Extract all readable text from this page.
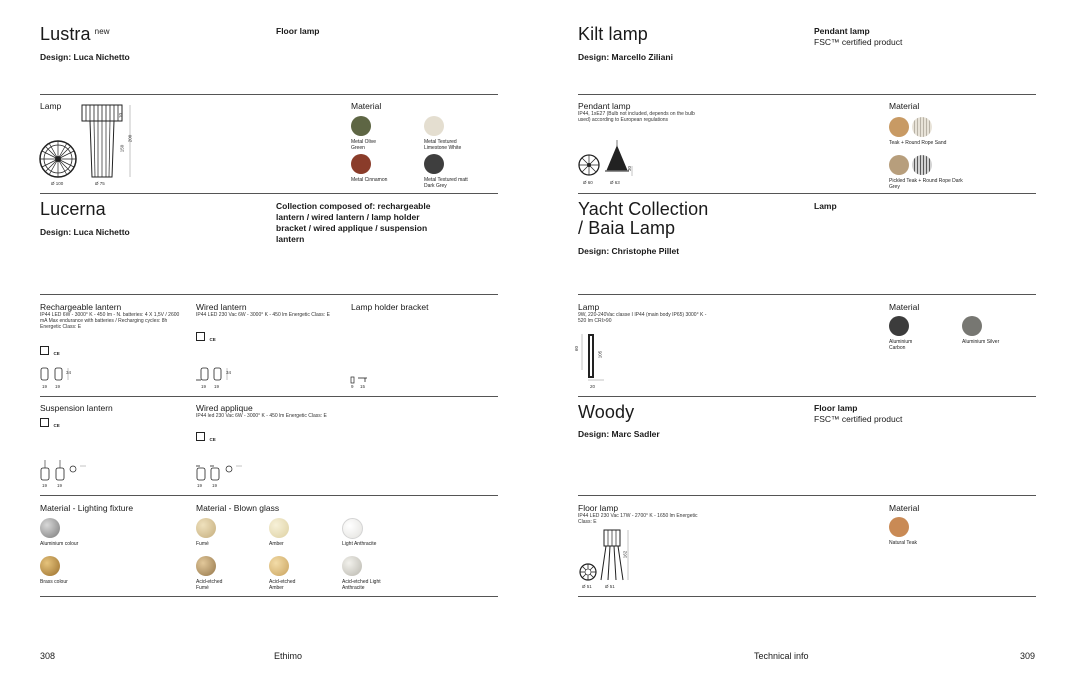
Lustra $^{new}$
Design: Luca Nichetto
Floor lamp
Lamp	Material
Ø 100	Ø 75
150
200
10
Metal Olive Green
Metal Textured Limestone White
Metal Cinnamon	Metal Textured matt Dark Grey
Lucerna
Design: Luca Nichetto
Collection composed of: rechargeable lantern / wired lantern / lamp holder bracket / wired applique / suspension lantern
Rechargeable lantern
IP44 LED 6W - 3000° K - 450 lm - N. batteries: 4 X 1,5V / 2600 mA Max endurance with batteries / Recharging cycles: 8h Energetic Class: E
CE
19 19
34
Wired lantern
IP44 LED 230 Vac 6W - 3000° K - 450 lm Energetic Class: E
CE
19 19
34
Lamp holder bracket
9 15
Suspension lantern
CE
19 19
Wired applique
IP44 led 230 Vac 6W - 3000° K - 450 lm Energetic Class: E
CE
19 19
Material - Lighting fixture
Aluminium colour
Brass colour
Material - Blown glass
Fumé	Amber	Light Anthracite
Acid-etched Fumé
Acid-etched Amber
Acid-etched Light Anthracite
308	Ethimo
Kilt lamp
Design: Marcello Ziliani
Pendant lamp
FSC™ certified product
Pendant lamp
IP44, 1xE27 (Bulb not included, depends on the bulb used) according to European regulations
Ø 60	Ø 63
30
Material
Teak + Round Rope Sand
Pickled Teak + Round Rope Dark Grey
Yacht Collection
/ Baia Lamp
Design: Christophe Pillet
Lamp
Lamp
9W, 220-240Vac classe I IP44 (main body IP65) 3000° K - 520 lm CRI>90
60
105
20
Material
Aluminium Carbon
Aluminium Silver
Woody
Design: Marc Sadler
Floor lamp
FSC™ certified product
Floor lamp
IP44 LED 230 Vac 17W - 2700° K - 1650 lm Energetic Class: E
Ø 51	Ø 51
162
Material
Natural Teak
Technical info	309
